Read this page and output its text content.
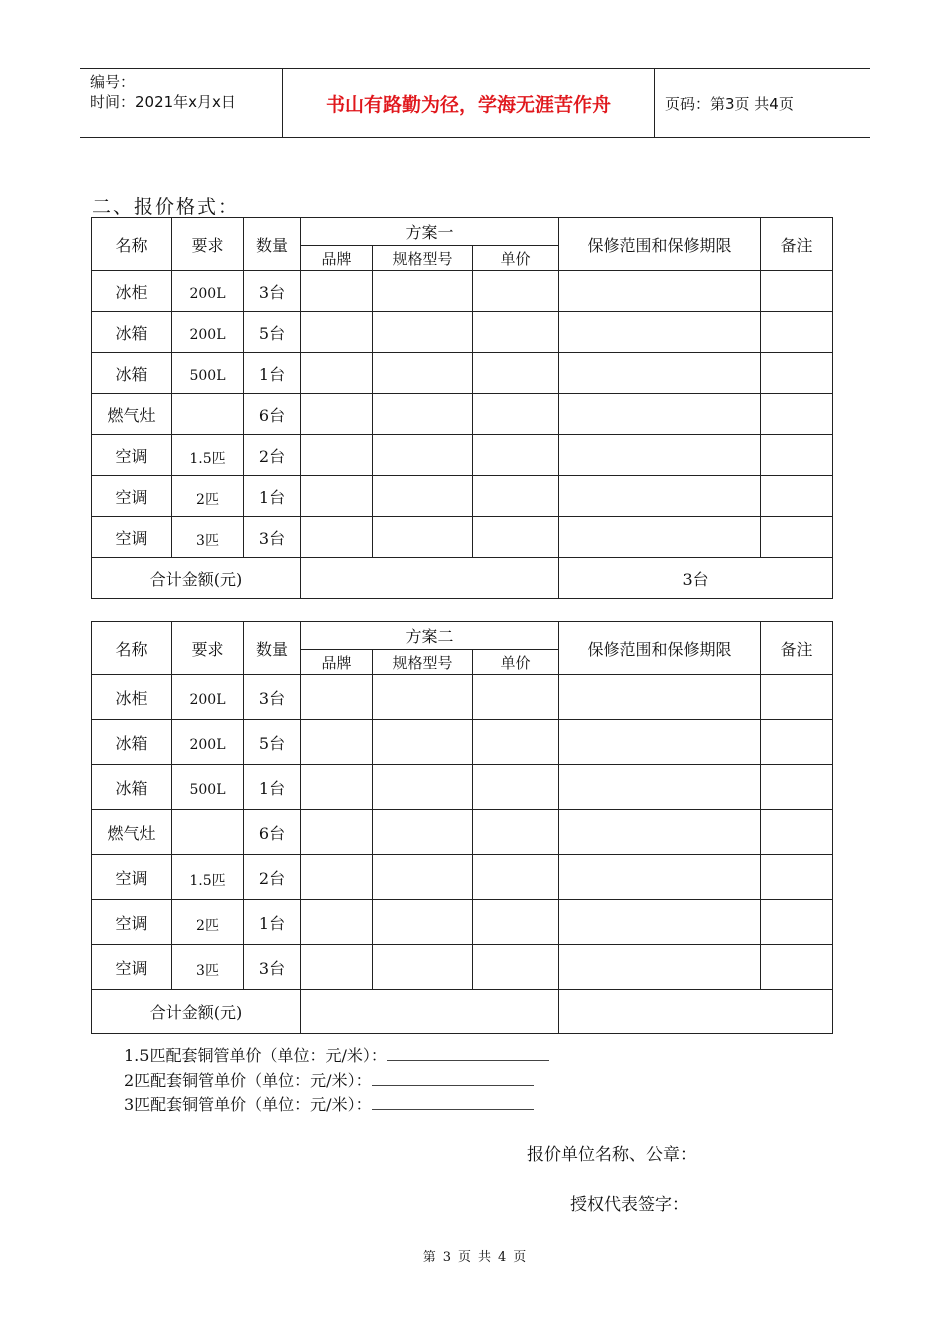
编号：
时间：2021年x月x日	书山有路勤为径，学海无涯苦作舟	页码：第3页 共4页
二、报价格式：
名称	要求	数量	方案一			保修范围和保修期限	备注
			品牌	规格型号	单价		
冰柜	200L	3台					
冰箱	200L	5台					
冰箱	500L	1台					
燃气灶		6台					
空调	1.5匹	2台					
空调	2匹	1台					
空调	3匹	3台					
合计金额(元)						3台	
名称	要求	数量	方案二			保修范围和保修期限	备注
			品牌	规格型号	单价		
冰柜	200L	3台					
冰箱	200L	5台					
冰箱	500L	1台					
燃气灶		6台					
空调	1.5匹	2台					
空调	2匹	1台					
空调	3匹	3台					
合计金额(元)							
1.5匹配套铜管单价（单位：元/米）：
2匹配套铜管单价（单位：元/米）：
3匹配套铜管单价（单位：元/米）：
报价单位名称、公章：
授权代表签字：
第 3 页 共 4 页
